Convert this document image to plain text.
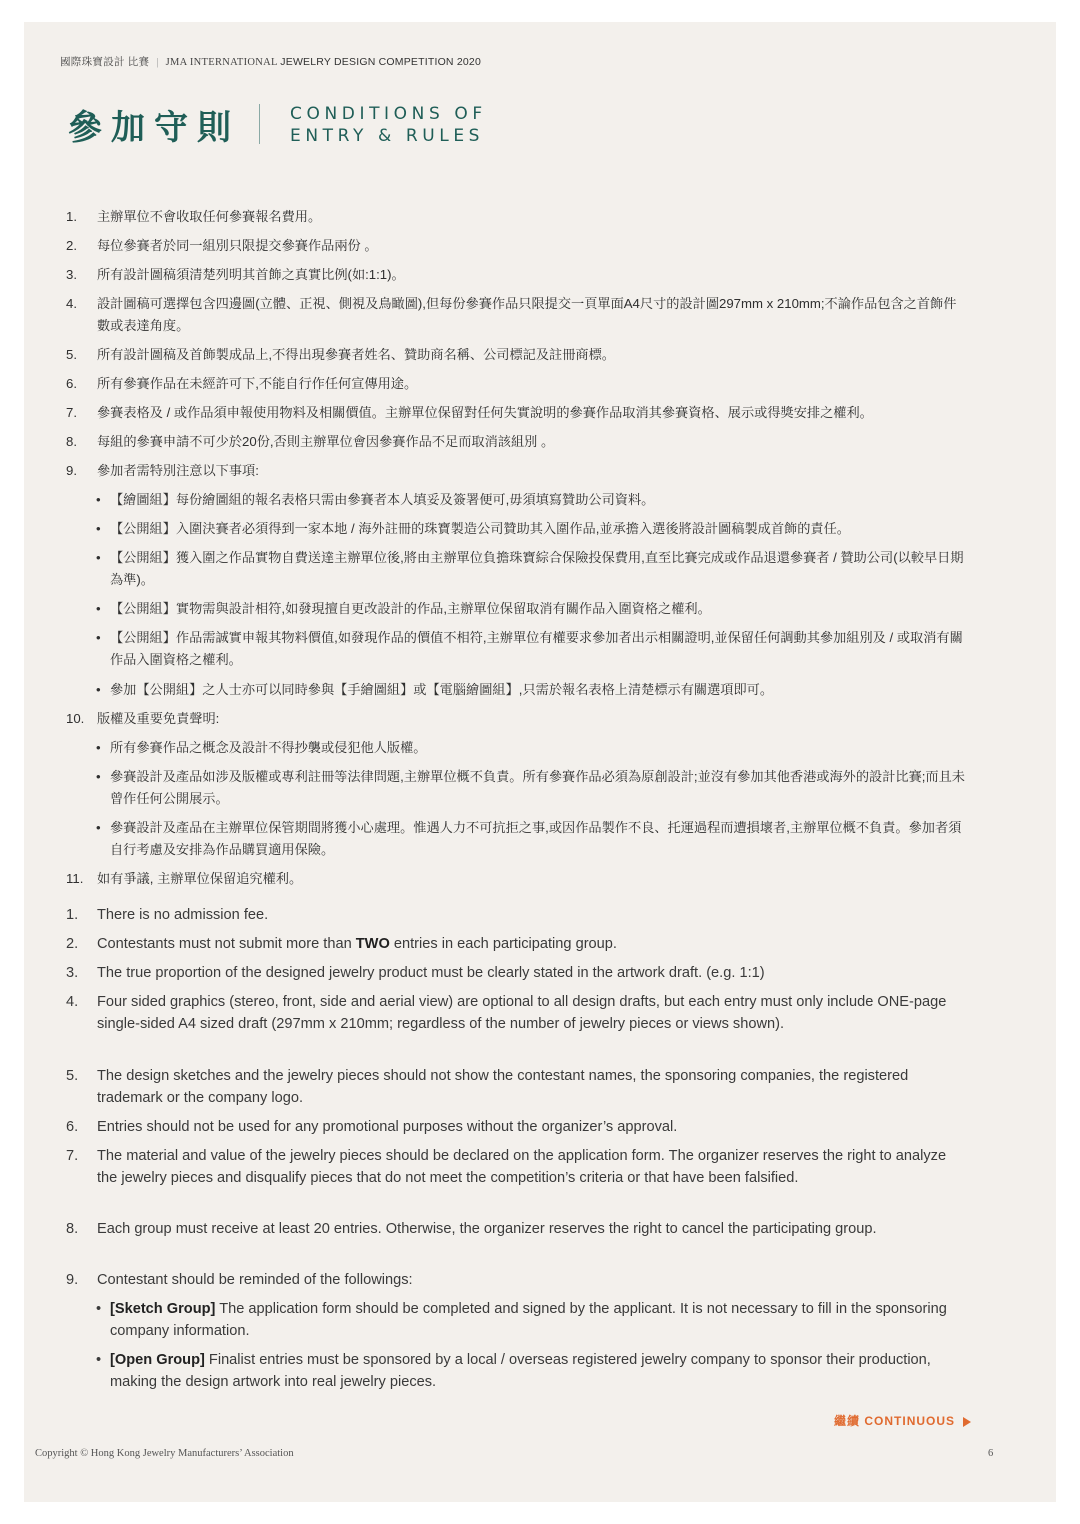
國際珠寶設計 比賽 | JMA INTERNATIONAL JEWELRY DESIGN COMPETITION 2020
參加守則	CONDITIONS OF
ENTRY & RULES
1.	主辦單位不會收取任何參賽報名費用。
2.	每位參賽者於同一組別只限提交參賽作品兩份 。
3.	所有設計圖稿須清楚列明其首飾之真實比例(如:1:1)。
4.	設計圖稿可選擇包含四邊圖(立體、正視、側視及鳥瞰圖),但每份參賽作品只限提交一頁單面A4尺寸的設計圖297mm x 210mm;不論作品包含之首飾件數或表達角度。
5.	所有設計圖稿及首飾製成品上,不得出現參賽者姓名、贊助商名稱、公司標記及註冊商標。
6.	所有參賽作品在未經許可下,不能自行作任何宣傳用途。
7.	參賽表格及 / 或作品須申報使用物料及相關價值。主辦單位保留對任何失實說明的參賽作品取消其參賽資格、展示或得獎安排之權利。
8.	每組的參賽申請不可少於20份,否則主辦單位會因參賽作品不足而取消該組別 。
9.	參加者需特別注意以下事項:
• 【繪圖組】每份繪圖組的報名表格只需由參賽者本人填妥及簽署便可,毋須填寫贊助公司資料。
• 【公開組】入圍決賽者必須得到一家本地 / 海外註冊的珠寶製造公司贊助其入圍作品,並承擔入選後將設計圖稿製成首飾的責任。
• 【公開組】獲入圍之作品實物自費送達主辦單位後,將由主辦單位負擔珠寶綜合保險投保費用,直至比賽完成或作品退還參賽者 / 贊助公司(以較早日期為準)。
• 【公開組】實物需與設計相符,如發現擅自更改設計的作品,主辦單位保留取消有關作品入圍資格之權利。
• 【公開組】作品需誠實申報其物料價值,如發現作品的價值不相符,主辦單位有權要求參加者出示相關證明,並保留任何調動其參加組別及 / 或取消有關作品入圍資格之權利。
• 參加【公開組】之人士亦可以同時參與【手繪圖組】或【電腦繪圖組】,只需於報名表格上清楚標示有關選項即可。
10. 版權及重要免責聲明:
• 所有參賽作品之概念及設計不得抄襲或侵犯他人版權。
• 參賽設計及產品如涉及版權或專利註冊等法律問題,主辦單位概不負責。所有參賽作品必須為原創設計;並沒有參加其他香港或海外的設計比賽;而且未曾作任何公開展示。
• 參賽設計及產品在主辦單位保管期間將獲小心處理。惟遇人力不可抗拒之事,或因作品製作不良、托運過程而遭損壞者,主辦單位概不負責。參加者須自行考慮及安排為作品購買適用保險。
11.	如有爭議, 主辦單位保留追究權利。
1.	There is no admission fee.
2.	Contestants must not submit more than TWO entries in each participating group.
3.	The true proportion of the designed jewelry product must be clearly stated in the artwork draft. (e.g. 1:1)
4.	Four sided graphics (stereo, front, side and aerial view) are optional to all design drafts, but each entry must only include ONE-page single-sided A4 sized draft (297mm x 210mm; regardless of the number of jewelry pieces or views shown).
5.	The design sketches and the jewelry pieces should not show the contestant names, the sponsoring companies, the registered trademark or the company logo.
6.	Entries should not be used for any promotional purposes without the organizer’s approval.
7.	The material and value of the jewelry pieces should be declared on the application form. The organizer reserves the right to analyze the jewelry pieces and disqualify pieces that do not meet the competition’s criteria or that have been falsified.
8.	Each group must receive at least 20 entries. Otherwise, the organizer reserves the right to cancel the participating group.
9.	Contestant should be reminded of the followings:
• [Sketch Group] The application form should be completed and signed by the applicant. It is not necessary to fill in the sponsoring company information.
• [Open Group] Finalist entries must be sponsored by a local / overseas registered jewelry company to sponsor their production, making the design artwork into real jewelry pieces.
繼續 CONTINUOUS
Copyright © Hong Kong Jewelry Manufacturers’ Association	6
